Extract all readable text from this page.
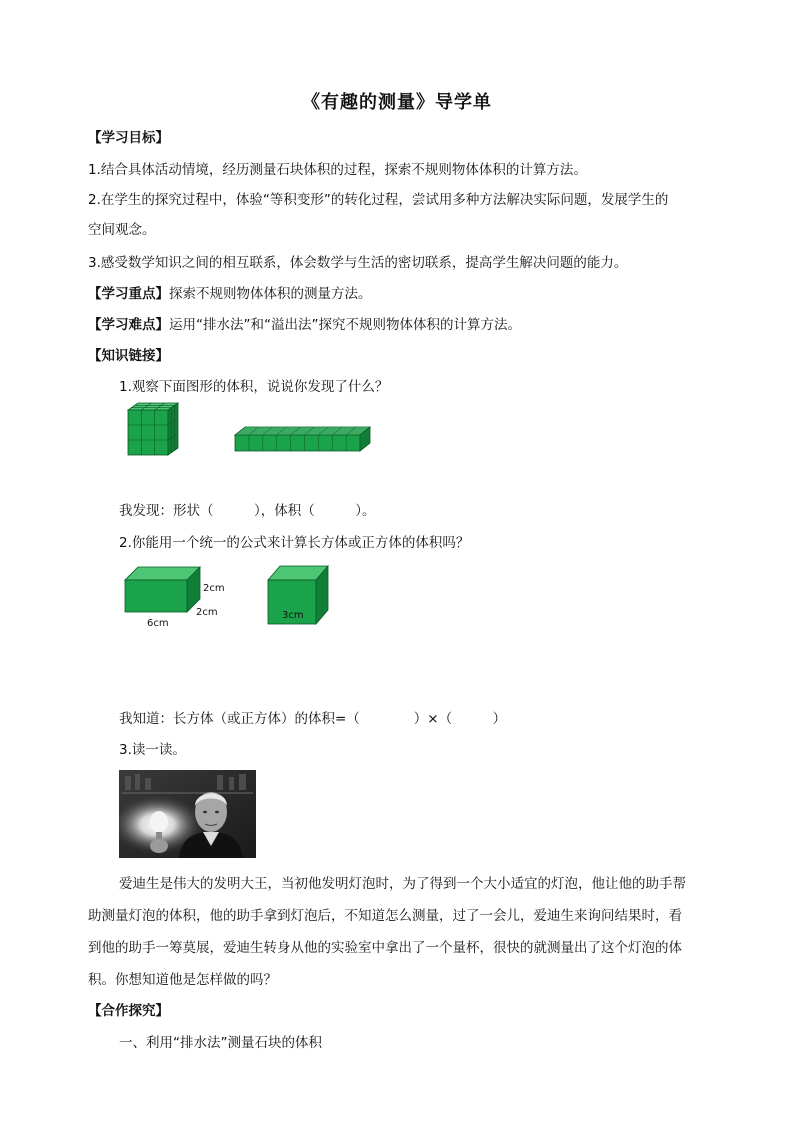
《有趣的测量》导学单
【学习目标】
1.结合具体活动情境，经历测量石块体积的过程，探索不规则物体体积的计算方法。
2.在学生的探究过程中，体验“等积变形”的转化过程，尝试用多种方法解决实际问题，发展学生的
空间观念。
3.感受数学知识之间的相互联系，体会数学与生活的密切联系，提高学生解决问题的能力。
【学习重点】探索不规则物体体积的测量方法。
【学习难点】运用“排水法”和“溢出法”探究不规则物体体积的计算方法。
【知识链接】
1.观察下面图形的体积，说说你发现了什么？
我发现：形状（　　　），体积（　　　）。
2.你能用一个统一的公式来计算长方体或正方体的体积吗？
2cm
2cm
6cm
3cm
我知道：长方体（或正方体）的体积=（　　　　）×（　　　）
3.读一读。
爱迪生是伟大的发明大王，当初他发明灯泡时，为了得到一个大小适宜的灯泡，他让他的助手帮
助测量灯泡的体积，他的助手拿到灯泡后，不知道怎么测量，过了一会儿，爱迪生来询问结果时，看
到他的助手一筹莫展，爱迪生转身从他的实验室中拿出了一个量杯，很快的就测量出了这个灯泡的体
积。你想知道他是怎样做的吗？
【合作探究】
一、利用“排水法”测量石块的体积
